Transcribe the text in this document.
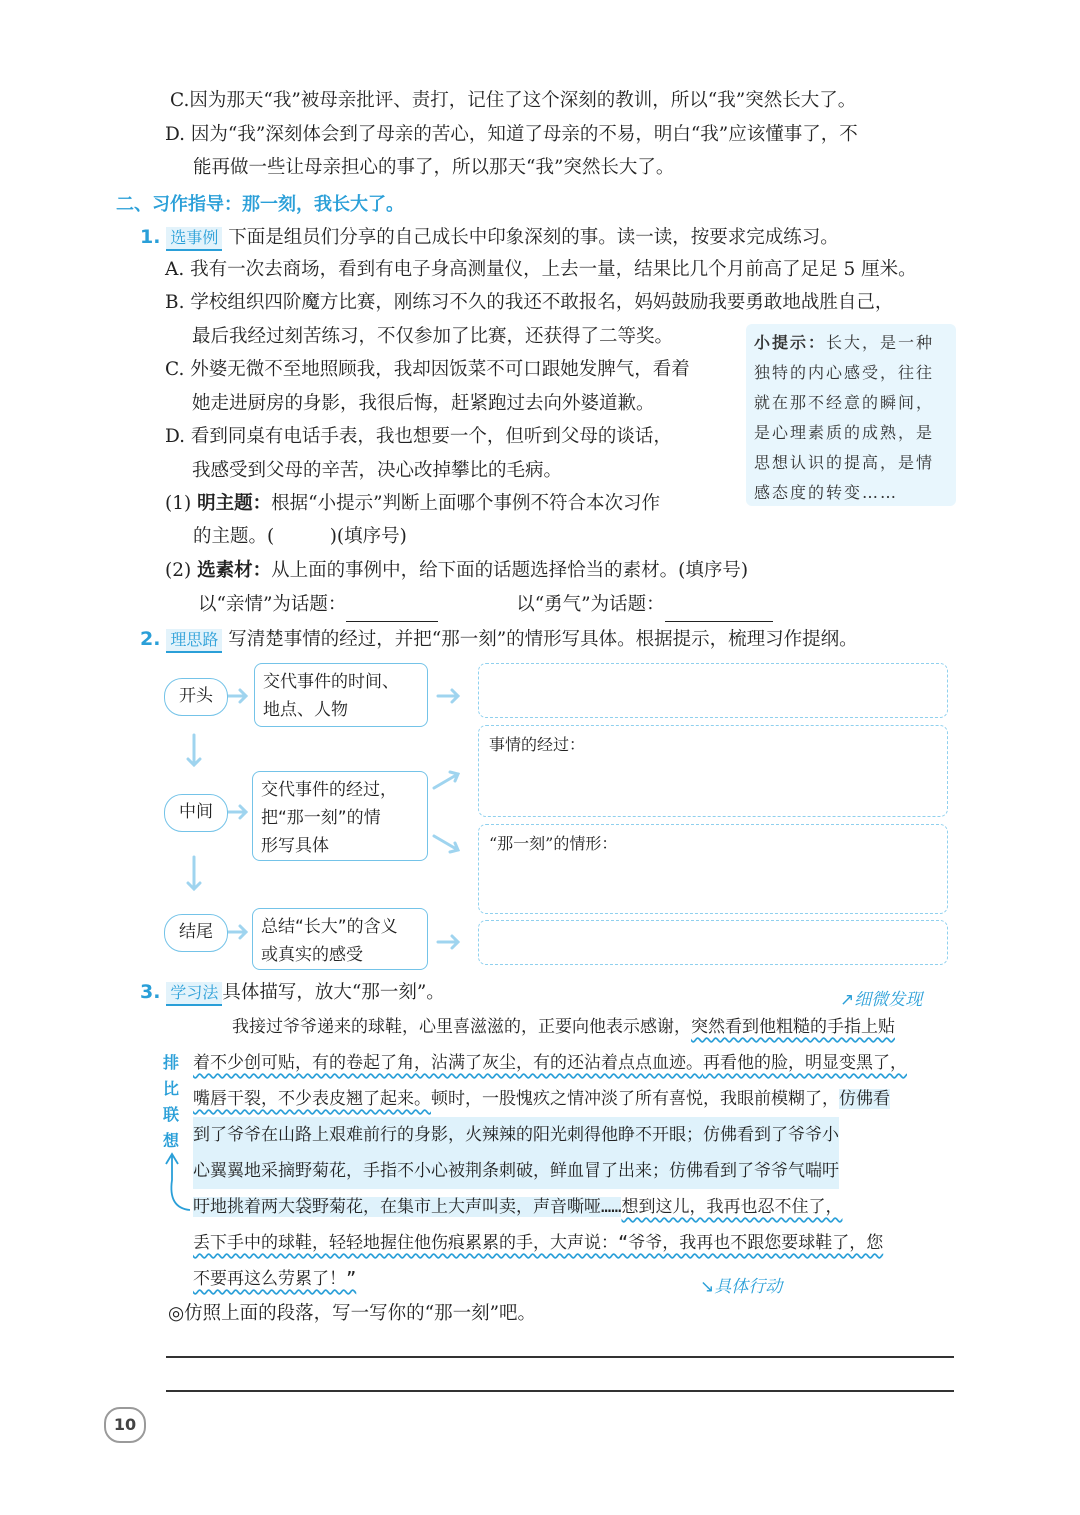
C.因为那天“我”被母亲批评、责打，记住了这个深刻的教训，所以“我”突然长大了。
D. 因为“我”深刻体会到了母亲的苦心，知道了母亲的不易，明白“我”应该懂事了，不
能再做一些让母亲担心的事了，所以那天“我”突然长大了。
二、习作指导：那一刻，我长大了。
1. 选事例 下面是组员们分享的自己成长中印象深刻的事。读一读，按要求完成练习。
A. 我有一次去商场，看到有电子身高测量仪，上去一量，结果比几个月前高了足足 5 厘米。
B. 学校组织四阶魔方比赛，刚练习不久的我还不敢报名，妈妈鼓励我要勇敢地战胜自己，
最后我经过刻苦练习，不仅参加了比赛，还获得了二等奖。
C. 外婆无微不至地照顾我，我却因饭菜不可口跟她发脾气，看着
她走进厨房的身影，我很后悔，赶紧跑过去向外婆道歉。
D. 看到同桌有电话手表，我也想要一个，但听到父母的谈话，
我感受到父母的辛苦，决心改掉攀比的毛病。

小提示：长大，是一种

独特的内心感受，往往

就在那不经意的瞬间，

是心理素质的成熟，是

思想认识的提高，是情

感态度的转变……

(1) 明主题：根据“小提示”判断上面哪个事例不符合本次习作
的主题。(　　　)(填序号)
(2) 选素材：从上面的事例中，给下面的话题选择恰当的素材。(填序号)
以“亲情”为话题：	以“勇气”为话题：
2. 理思路 写清楚事情的经过，并把“那一刻”的情形写具体。根据提示，梳理习作提纲。
开头
交代事件的时间、
地点、人物
中间
交代事件的经过，
把“那一刻”的情
形写具体
事情的经过：
“那一刻”的情形：
结尾	总结“长大”的含义
或真实的感受
3. 学习法 具体描写，放大“那一刻”。	↗细微发现
排
比
联
想
我接过爷爷递来的球鞋，心里喜滋滋的，正要向他表示感谢，突然看到他粗糙的手指上贴
着不少创可贴，有的卷起了角，沾满了灰尘，有的还沾着点点血迹。再看他的脸，明显变黑了，
嘴唇干裂，不少表皮翘了起来。顿时，一股愧疚之情冲淡了所有喜悦，我眼前模糊了，仿佛看
到了爷爷在山路上艰难前行的身影，火辣辣的阳光刺得他睁不开眼；仿佛看到了爷爷小
心翼翼地采摘野菊花，手指不小心被荆条刺破，鲜血冒了出来；仿佛看到了爷爷气喘吁
吁地挑着两大袋野菊花，在集市上大声叫卖，声音嘶哑……想到这儿，我再也忍不住了，
丢下手中的球鞋，轻轻地握住他伤痕累累的手，大声说：“爷爷，我再也不跟您要球鞋了，您
不要再这么劳累了！”	↘具体行动
◎仿照上面的段落，写一写你的“那一刻”吧。
10
